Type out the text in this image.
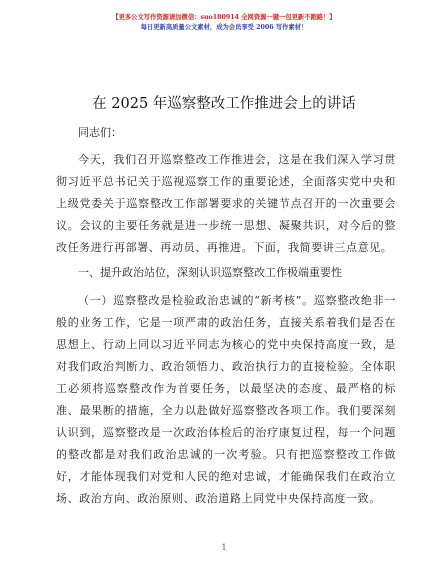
【更多公文写作资源请加微信：suo180914 全网资源一键一包更新不跑路！】
每日更新高质量公文素材，成为会员享受 2006 写作素材！
在 2025 年巡察整改工作推进会上的讲话
同志们：

今天，我们召开巡察整改工作推进会，这是在我们深入学习贯彻习近平总书记关于巡视巡察工作的重要论述，全面落实党中央和上级党委关于巡察整改工作部署要求的关键节点召开的一次重要会议。会议的主要任务就是进一步统一思想、凝聚共识，对今后的整改任务进行再部署、再动员、再推进。下面，我简要讲三点意见。

一、提升政治站位，深刻认识巡察整改工作极端重要性

（一）巡察整改是检验政治忠诚的“新考核”。巡察整改绝非一般的业务工作，它是一项严肃的政治任务，直接关系着我们是否在思想上、行动上同以习近平同志为核心的党中央保持高度一致，是对我们政治判断力、政治领悟力、政治执行力的直接检验。全体职工必须将巡察整改作为首要任务，以最坚决的态度、最严格的标准、最果断的措施，全力以赴做好巡察整改各项工作。我们要深刻认识到，巡察整改是一次政治体检后的治疗康复过程，每一个问题的整改都是对我们政治忠诚的一次考验。只有把巡察整改工作做好，才能体现我们对党和人民的绝对忠诚，才能确保我们在政治立场、政治方向、政治原则、政治道路上同党中央保持高度一致。

1
